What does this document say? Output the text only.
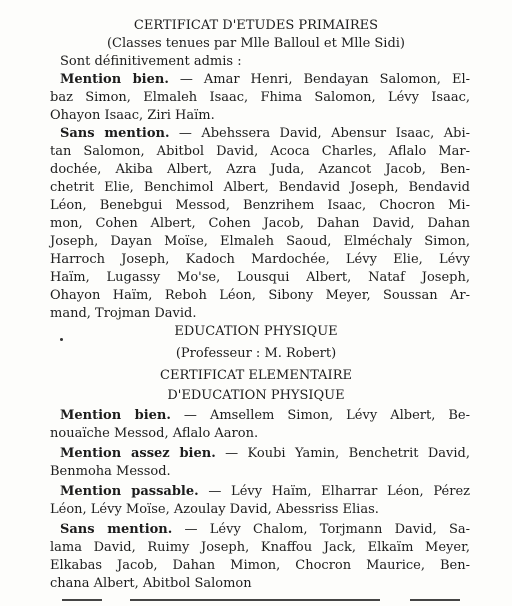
CERTIFICAT D'ETUDES PRIMAIRES
(Classes tenues par Mlle Balloul et Mlle Sidi)
Sont définitivement admis :
Mention bien. — Amar Henri, Bendayan Salomon, El-
baz Simon, Elmaleh Isaac, Fhima Salomon, Lévy Isaac,
Ohayon Isaac, Ziri Haïm.
Sans mention. — Abehssera David, Abensur Isaac, Abi-
tan Salomon, Abitbol David, Acoca Charles, Aflalo Mar-
dochée, Akiba Albert, Azra Juda, Azancot Jacob, Ben-
chetrit Elie, Benchimol Albert, Bendavid Joseph, Bendavid
Léon, Benebgui Messod, Benzrihem Isaac, Chocron Mi-
mon, Cohen Albert, Cohen Jacob, Dahan David, Dahan
Joseph, Dayan Moïse, Elmaleh Saoud, Elméchaly Simon,
Harroch Joseph, Kadoch Mardochée, Lévy Elie, Lévy
Haïm, Lugassy Mo'se, Lousqui Albert, Nataf Joseph,
Ohayon Haïm, Reboh Léon, Sibony Meyer, Soussan Ar-
mand, Trojman David.
EDUCATION PHYSIQUE
(Professeur : M. Robert)
CERTIFICAT ELEMENTAIRE
D'EDUCATION PHYSIQUE
Mention bien. — Amsellem Simon, Lévy Albert, Be-
nouaïche Messod, Aflalo Aaron.
Mention assez bien. — Koubi Yamin, Benchetrit David,
Benmoha Messod.
Mention passable. — Lévy Haïm, Elharrar Léon, Pérez
Léon, Lévy Moïse, Azoulay David, Abessriss Elias.
Sans mention. — Lévy Chalom, Torjmann David, Sa-
lama David, Ruimy Joseph, Knaffou Jack, Elkaïm Meyer,
Elkabas Jacob, Dahan Mimon, Chocron Maurice, Ben-
chana Albert, Abitbol Salomon
